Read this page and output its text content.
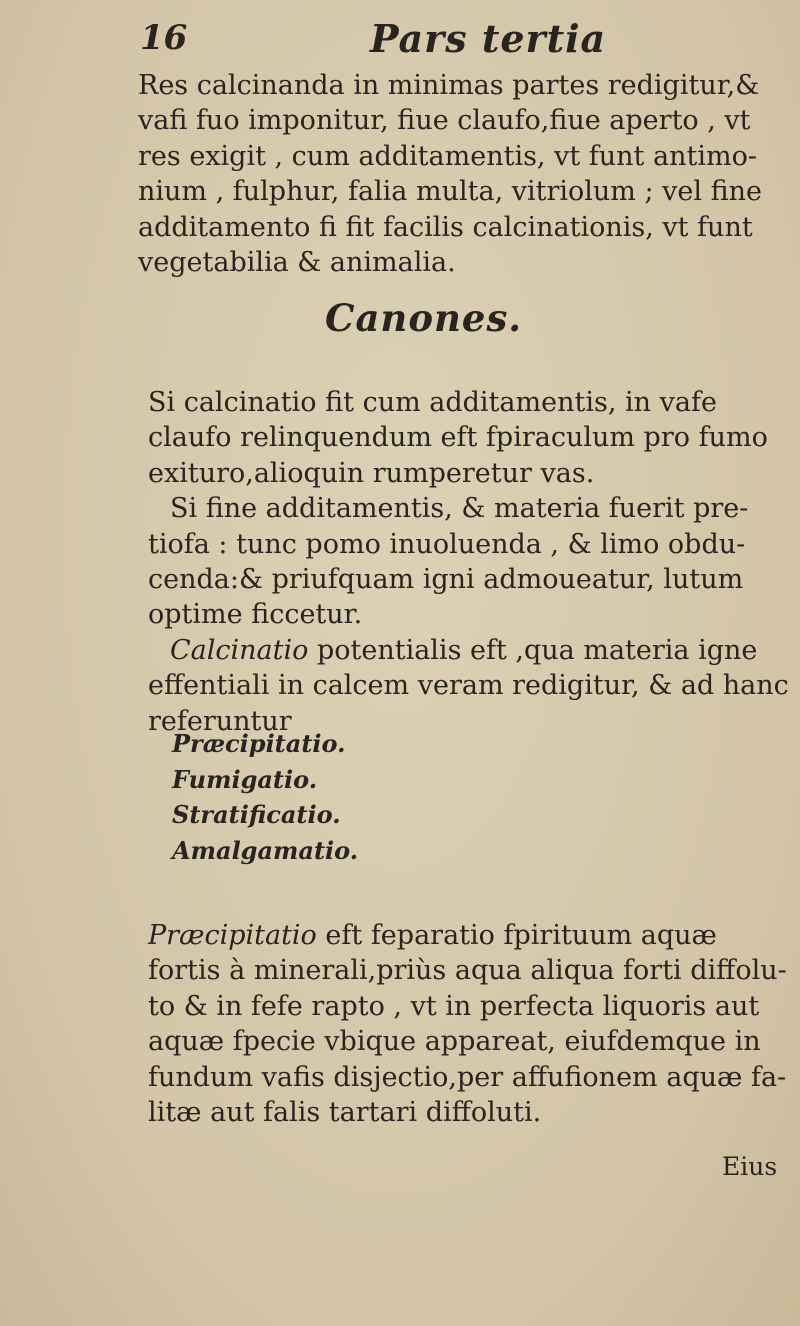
16	Pars tertia

Res calcinanda in minimas partes redigitur,&

vafi fuo imponitur, fiue claufo,fiue aperto , vt

res exigit , cum additamentis, vt funt antimo-

nium , fulphur, falia multa, vitriolum ; vel fine

additamento fi fit facilis calcinationis, vt funt

vegetabilia & animalia.

Canones.

Si calcinatio fit cum additamentis, in vafe

claufo relinquendum eft fpiraculum pro fumo

exituro,alioquin rumperetur vas.

Si fine additamentis, & materia fuerit pre-

tiofa : tunc pomo inuoluenda , & limo obdu-

cenda:& priufquam igni admoueatur, lutum

optime ficcetur.

Calcinatio potentialis eft ,qua materia igne

effentiali in calcem veram redigitur, & ad hanc

referuntur

Præcipitatio.
Fumigatio.
Stratificatio.
Amalgamatio.

Præcipitatio eft feparatio fpirituum aquæ

fortis à minerali,priùs aqua aliqua forti diffolu-

to & in fefe rapto , vt in perfecta liquoris aut

aquæ fpecie vbique appareat, eiufdemque in

fundum vafis disjectio,per affufionem aquæ fa-

litæ aut falis tartari diffoluti.

Eius
